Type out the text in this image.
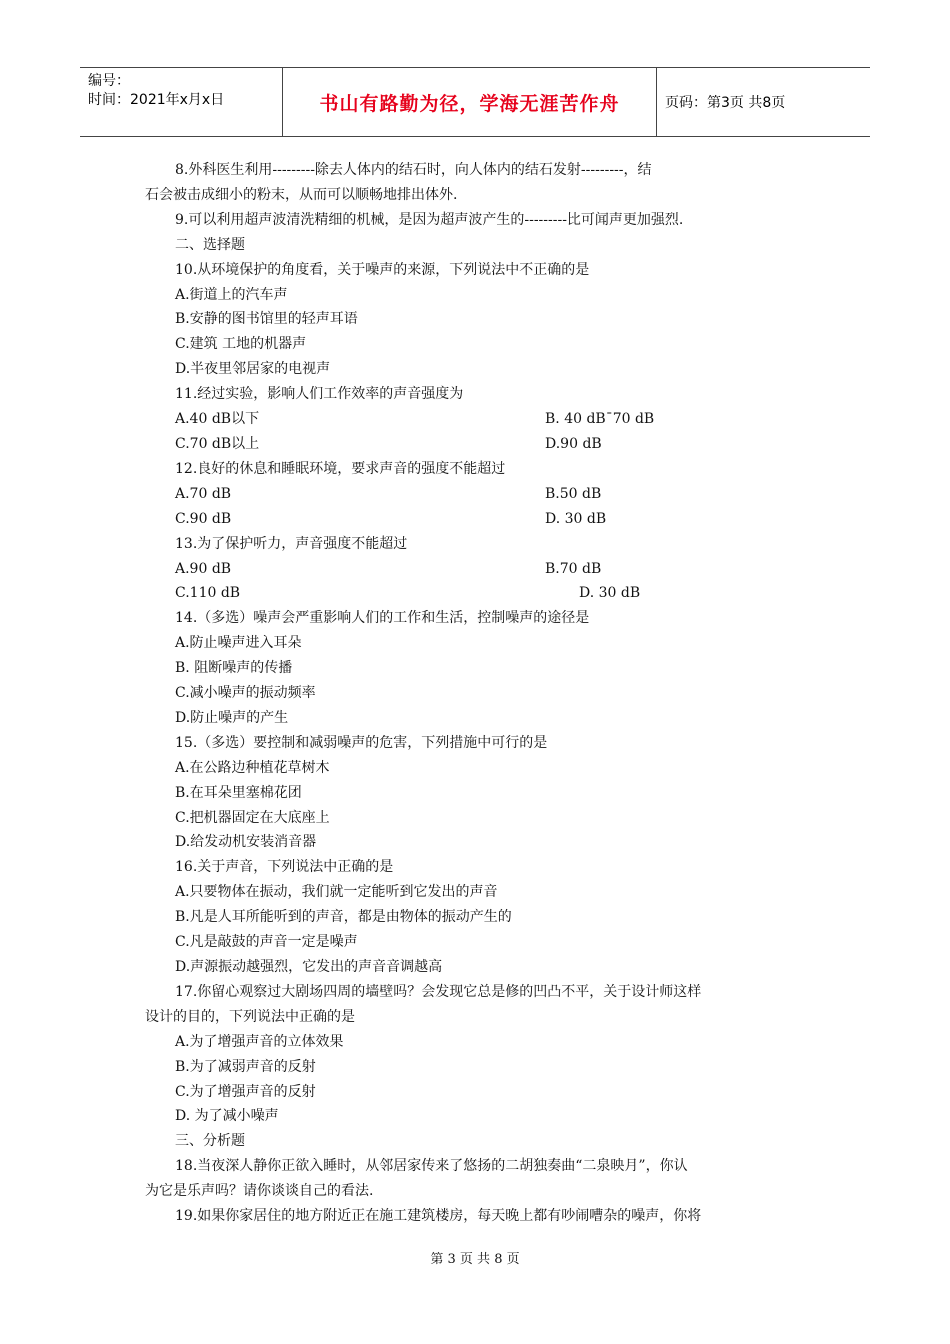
编号：
时间：2021年x月x日	书山有路勤为径，学海无涯苦作舟	页码：第3页 共8页
8.外科医生利用---------除去人体内的结石时，向人体内的结石发射---------，结
石会被击成细小的粉末，从而可以顺畅地排出体外.
9.可以利用超声波清洗精细的机械，是因为超声波产生的---------比可闻声更加强烈.
二、选择题
10.从环境保护的角度看，关于噪声的来源，下列说法中不正确的是
A.街道上的汽车声
B.安静的图书馆里的轻声耳语
C.建筑 工地的机器声
D.半夜里邻居家的电视声
11.经过实验，影响人们工作效率的声音强度为
A.40 dB以下	B. 40 dB¯70 dB
C.70 dB以上	D.90 dB
12.良好的休息和睡眠环境，要求声音的强度不能超过
A.70 dB	B.50 dB
C.90 dB	D. 30 dB
13.为了保护听力，声音强度不能超过
A.90 dB	B.70 dB
C.110 dB	D. 30 dB
14.（多选）噪声会严重影响人们的工作和生活，控制噪声的途径是
A.防止噪声进入耳朵
B. 阻断噪声的传播
C.减小噪声的振动频率
D.防止噪声的产生
15.（多选）要控制和减弱噪声的危害，下列措施中可行的是
A.在公路边种植花草树木
B.在耳朵里塞棉花团
C.把机器固定在大底座上
D.给发动机安装消音器
16.关于声音，下列说法中正确的是
A.只要物体在振动，我们就一定能听到它发出的声音
B.凡是人耳所能听到的声音，都是由物体的振动产生的
C.凡是敲鼓的声音一定是噪声
D.声源振动越强烈，它发出的声音音调越高
17.你留心观察过大剧场四周的墙壁吗？会发现它总是修的凹凸不平，关于设计师这样
设计的目的，下列说法中正确的是
A.为了增强声音的立体效果
B.为了减弱声音的反射
C.为了增强声音的反射
D. 为了减小噪声
三、分析题
18.当夜深人静你正欲入睡时，从邻居家传来了悠扬的二胡独奏曲“二泉映月”，你认
为它是乐声吗？请你谈谈自己的看法.
19.如果你家居住的地方附近正在施工建筑楼房，每天晚上都有吵闹嘈杂的噪声，你将
第 3 页 共 8 页
